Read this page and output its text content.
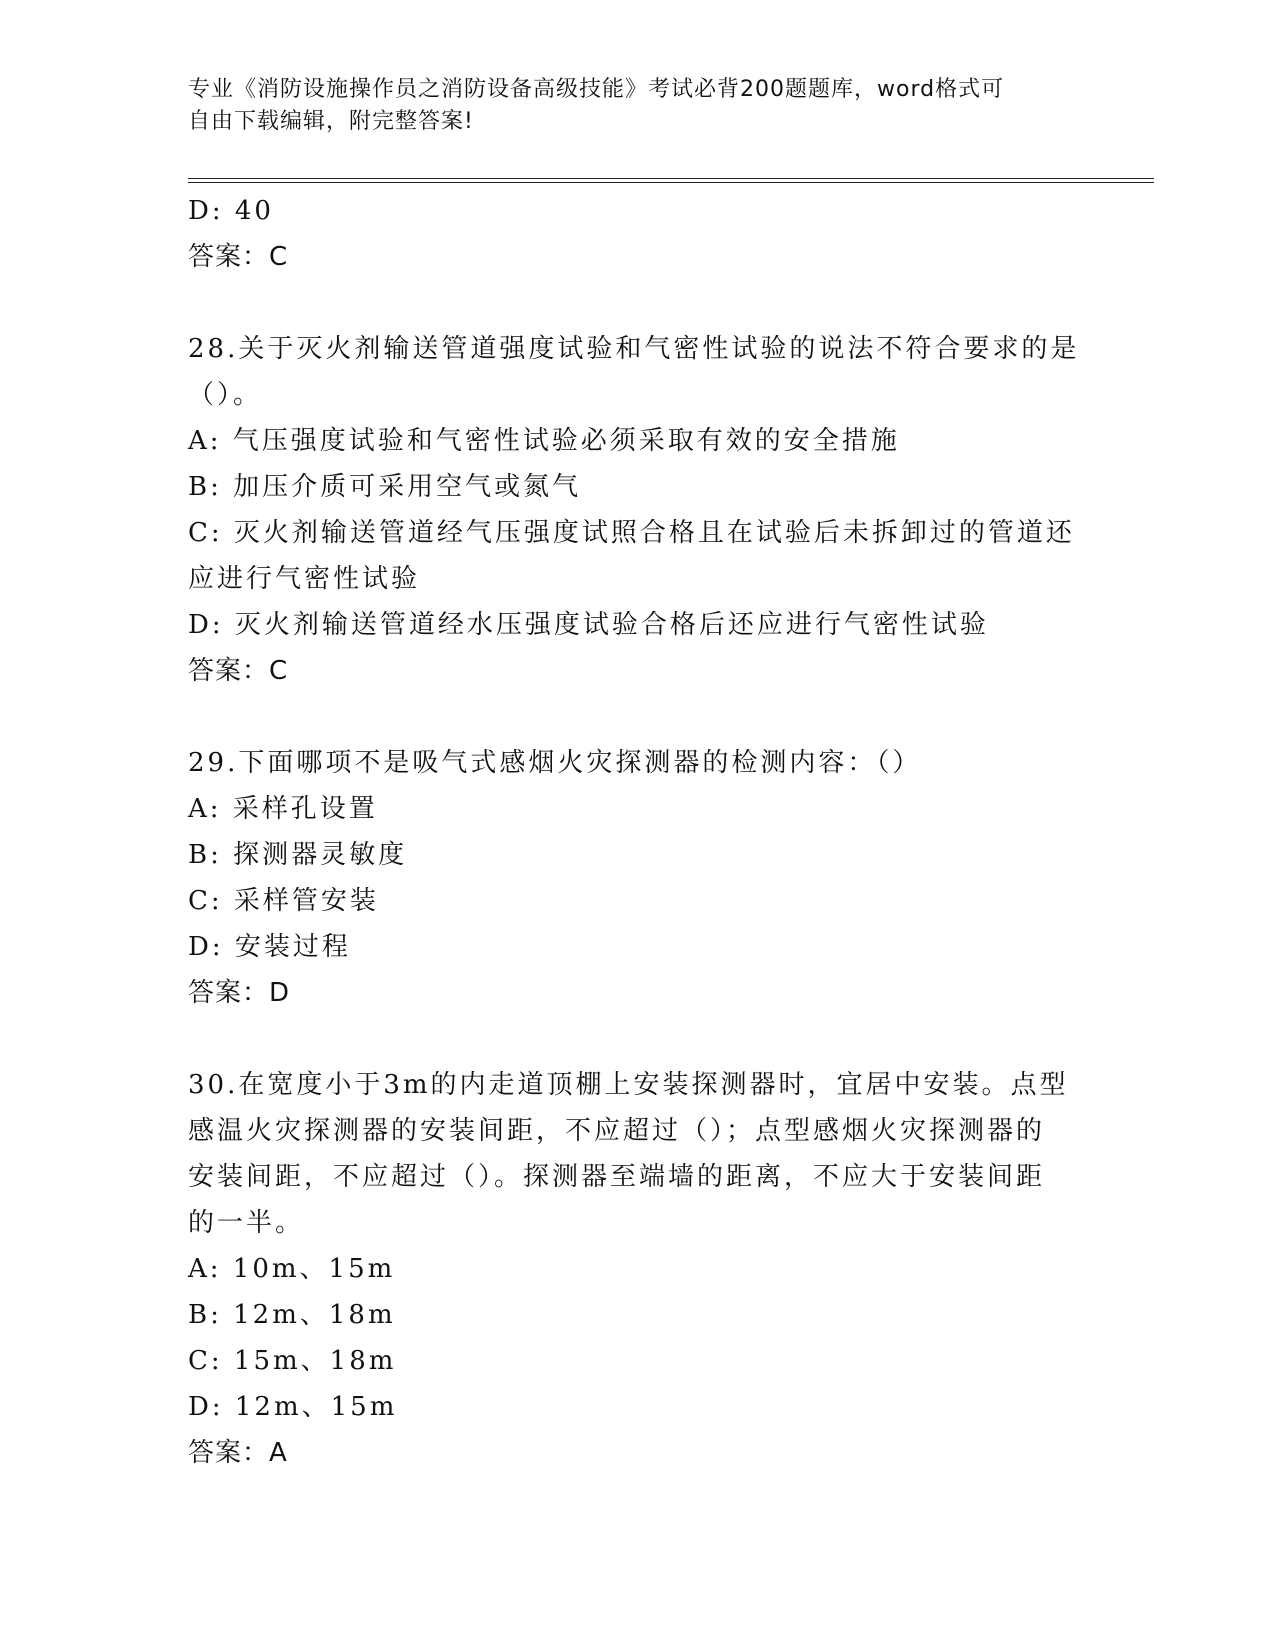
专业《消防设施操作员之消防设备高级技能》考试必背200题题库，word格式可
自由下载编辑，附完整答案!
D: 40
答案：C
28.关于灭火剂输送管道强度试验和气密性试验的说法不符合要求的是
（）。
A: 气压强度试验和气密性试验必须采取有效的安全措施
B: 加压介质可采用空气或氮气
C: 灭火剂输送管道经气压强度试照合格且在试验后未拆卸过的管道还
应进行气密性试验
D: 灭火剂输送管道经水压强度试验合格后还应进行气密性试验
答案：C
29.下面哪项不是吸气式感烟火灾探测器的检测内容：（）
A: 采样孔设置
B: 探测器灵敏度
C: 采样管安装
D: 安装过程
答案：D
30.在宽度小于3m的内走道顶棚上安装探测器时，宜居中安装。点型
感温火灾探测器的安装间距，不应超过（）；点型感烟火灾探测器的
安装间距，不应超过（）。探测器至端墙的距离，不应大于安装间距
的一半。
A: 10m、15m
B: 12m、18m
C: 15m、18m
D: 12m、15m
答案：A
